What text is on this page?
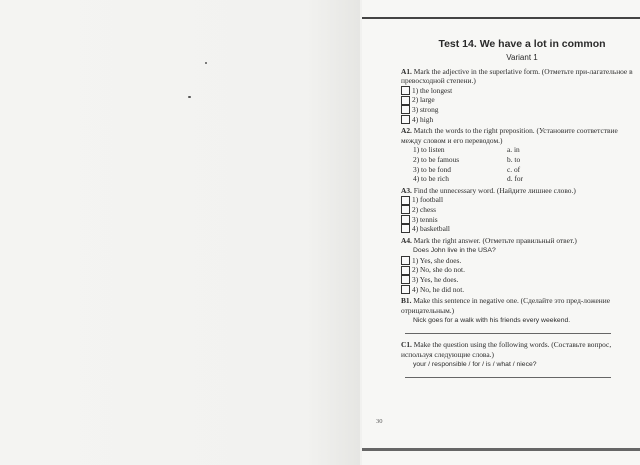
Test 14. We have a lot in common
Variant 1
A1. Mark the adjective in the superlative form. (Отметьте при-лагательное в превосходной степени.)
1) the longest
2) large
3) strong
4) high
A2. Match the words to the right preposition. (Установите соответствие между словом и его переводом.)
1) to listen	a. in
2) to be famous	b. to
3) to be fond	c. of
4) to be rich	d. for
A3. Find the unnecessary word. (Найдите лишнее слово.)
1) football
2) chess
3) tennis
4) basketball
A4. Mark the right answer. (Отметьте правильный ответ.)
Does John live in the USA?
1) Yes, she does.
2) No, she do not.
3) Yes, he does.
4) No, he did not.
B1. Make this sentence in negative one. (Сделайте это пред-ложение отрицательным.)
Nick goes for a walk with his friends every weekend.
C1. Make the question using the following words. (Составьте вопрос, используя следующие слова.)
your / responsible / for / is / what / niece?
30
